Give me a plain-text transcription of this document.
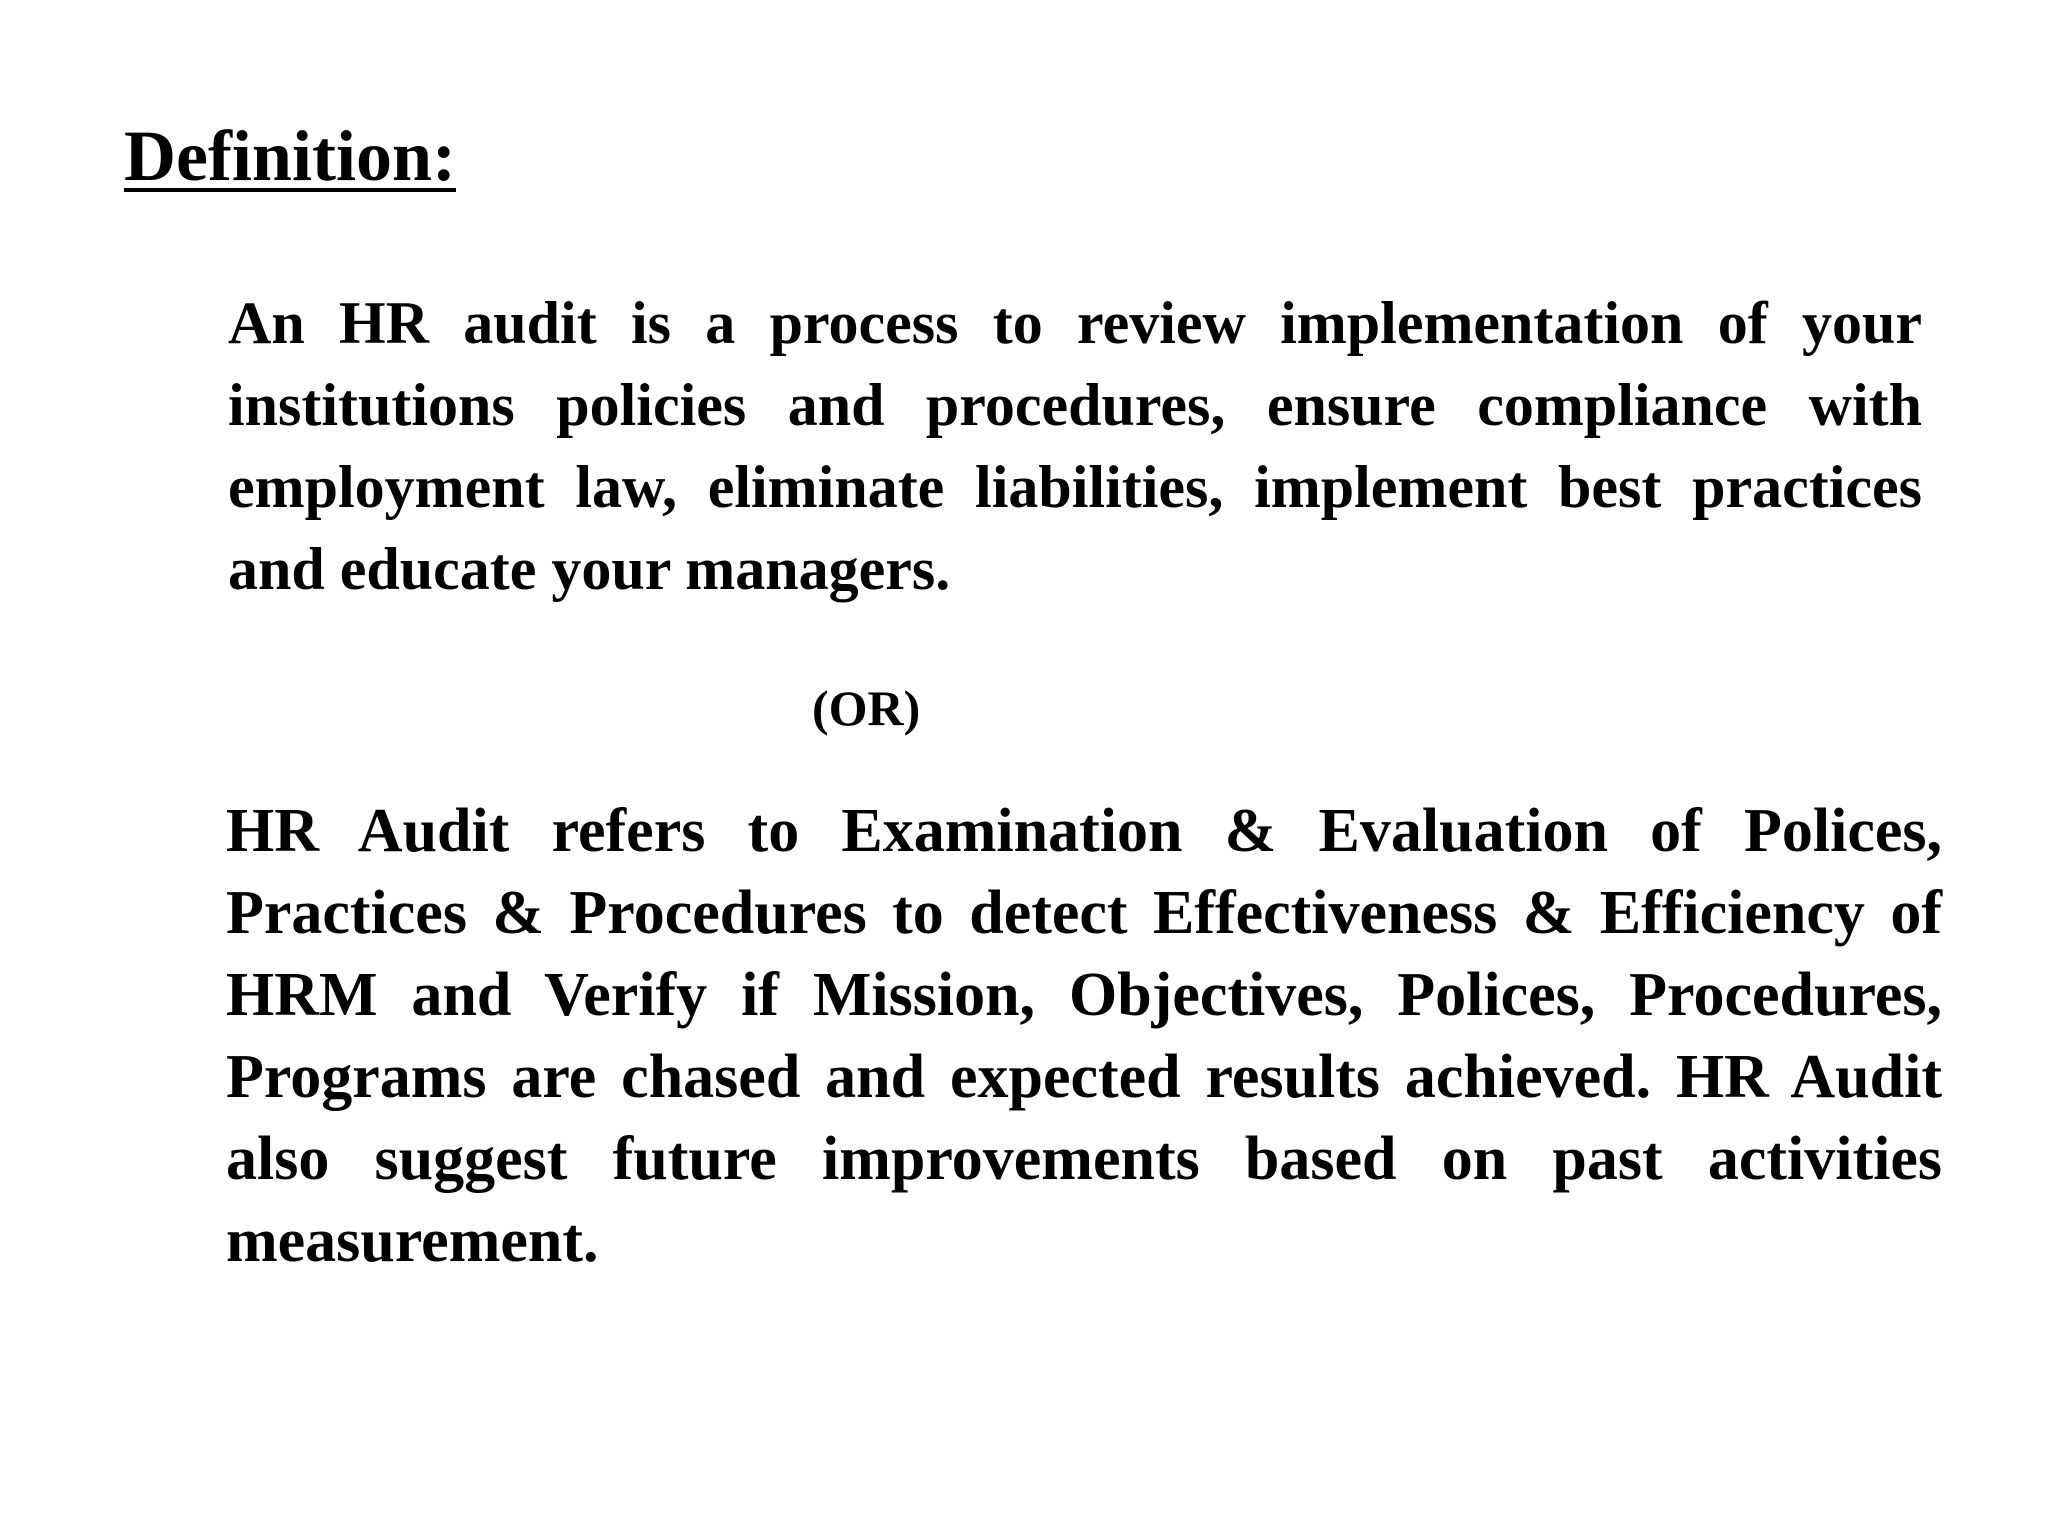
Definition:

An HR audit is a process to review implementation of your institutions policies and procedures, ensure compliance with employment law, eliminate liabilities, implement best practices and educate your managers.

(OR)

HR Audit refers to Examination & Evaluation of Polices, Practices & Procedures to detect Effectiveness & Efficiency of HRM and Verify if Mission, Objectives, Polices, Procedures, Programs are chased and expected results achieved. HR Audit also suggest future improvements based on past activities measurement.
